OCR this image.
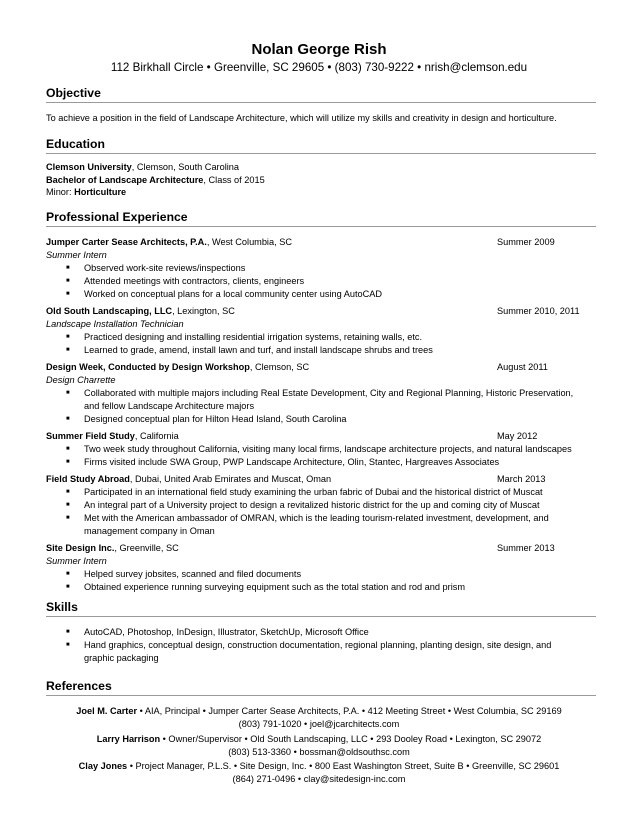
Nolan George Rish
112 Birkhall Circle • Greenville, SC 29605 • (803) 730-9222 • nrish@clemson.edu
Objective
To achieve a position in the field of Landscape Architecture, which will utilize my skills and creativity in design and horticulture.
Education
Clemson University, Clemson, South Carolina
Bachelor of Landscape Architecture, Class of 2015
Minor: Horticulture
Professional Experience
Jumper Carter Sease Architects, P.A., West Columbia, SC	Summer 2009
Summer Intern
■ Observed work-site reviews/inspections
■ Attended meetings with contractors, clients, engineers
■ Worked on conceptual plans for a local community center using AutoCAD
Old South Landscaping, LLC, Lexington, SC	Summer 2010, 2011
Landscape Installation Technician
■ Practiced designing and installing residential irrigation systems, retaining walls, etc.
■ Learned to grade, amend, install lawn and turf, and install landscape shrubs and trees
Design Week, Conducted by Design Workshop, Clemson, SC	August 2011
Design Charrette
■ Collaborated with multiple majors including Real Estate Development, City and Regional Planning, Historic Preservation,
and fellow Landscape Architecture majors
■ Designed conceptual plan for Hilton Head Island, South Carolina
Summer Field Study, California	May 2012
■ Two week study throughout California, visiting many local firms, landscape architecture projects, and natural landscapes
■ Firms visited include SWA Group, PWP Landscape Architecture, Olin, Stantec, Hargreaves Associates
Field Study Abroad, Dubai, United Arab Emirates and Muscat, Oman	March 2013
■ Participated in an international field study examining the urban fabric of Dubai and the historical district of Muscat
■ An integral part of a University project to design a revitalized historic district for the up and coming city of Muscat
■ Met with the American ambassador of OMRAN, which is the leading tourism-related investment, development, and
management company in Oman
Site Design Inc., Greenville, SC	Summer 2013
Summer Intern
■ Helped survey jobsites, scanned and filed documents
■ Obtained experience running surveying equipment such as the total station and rod and prism
Skills
■ AutoCAD, Photoshop, InDesign, Illustrator, SketchUp, Microsoft Office
■ Hand graphics, conceptual design, construction documentation, regional planning, planting design, site design, and
graphic packaging
References
Joel M. Carter • AIA, Principal • Jumper Carter Sease Architects, P.A. • 412 Meeting Street • West Columbia, SC 29169
(803) 791-1020 • joel@jcarchitects.com
Larry Harrison • Owner/Supervisor • Old South Landscaping, LLC • 293 Dooley Road • Lexington, SC 29072
(803) 513-3360 • bossman@oldsouthsc.com
Clay Jones • Project Manager, P.L.S. • Site Design, Inc. • 800 East Washington Street, Suite B • Greenville, SC 29601
(864) 271-0496 • clay@sitedesign-inc.com
